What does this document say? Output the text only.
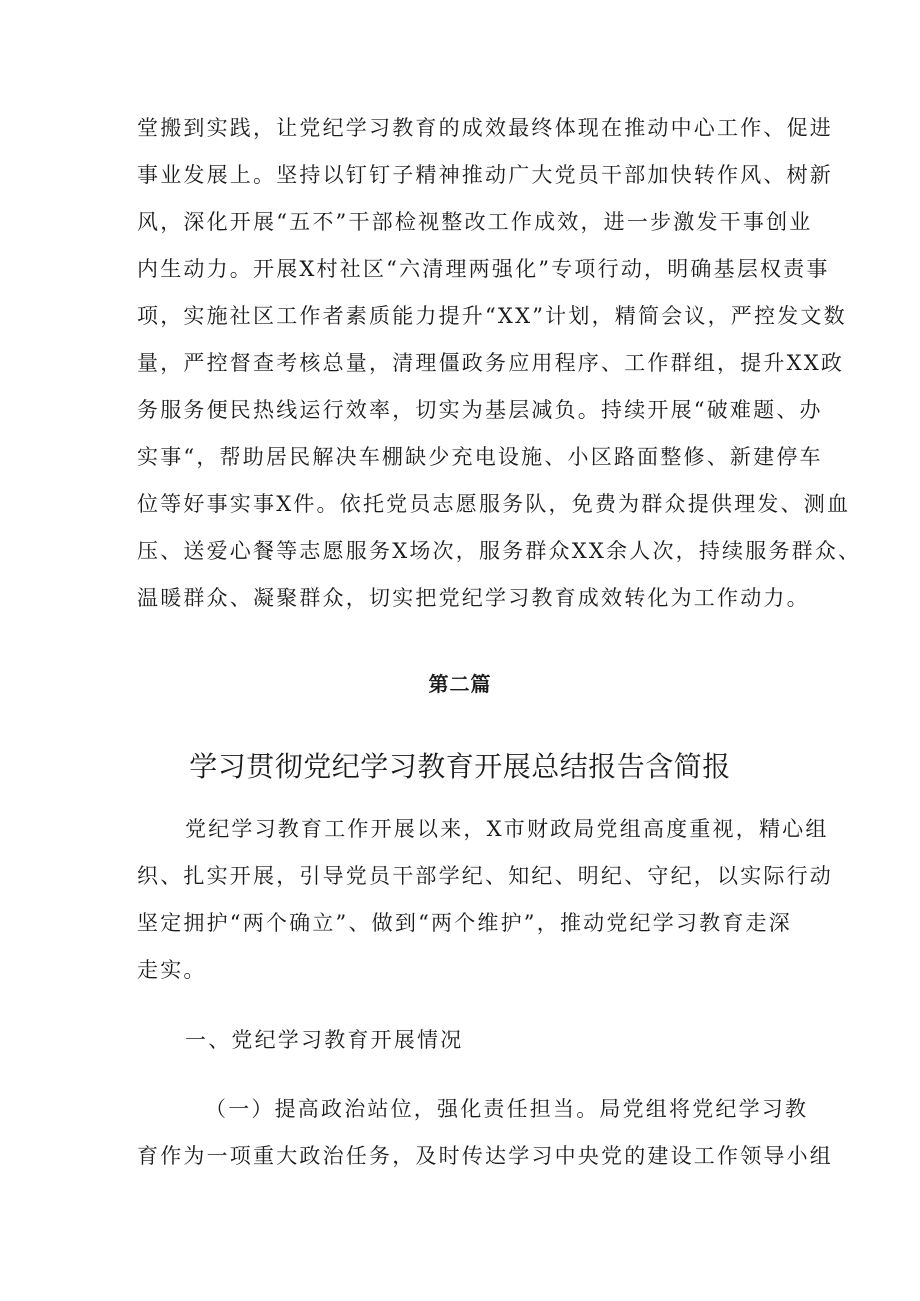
堂搬到实践，让党纪学习教育的成效最终体现在推动中心工作、促进
事业发展上。坚持以钉钉子精神推动广大党员干部加快转作风、树新
风，深化开展“五不”干部检视整改工作成效，进一步激发干事创业
内生动力。开展X村社区“六清理两强化”专项行动，明确基层权责事
项，实施社区工作者素质能力提升“XX”计划，精简会议，严控发文数
量，严控督查考核总量，清理僵政务应用程序、工作群组，提升XX政
务服务便民热线运行效率，切实为基层减负。持续开展“破难题、办
实事“，帮助居民解决车棚缺少充电设施、小区路面整修、新建停车
位等好事实事X件。依托党员志愿服务队，免费为群众提供理发、测血
压、送爱心餐等志愿服务X场次，服务群众XX余人次，持续服务群众、
温暖群众、凝聚群众，切实把党纪学习教育成效转化为工作动力。
第二篇
学习贯彻党纪学习教育开展总结报告含简报
党纪学习教育工作开展以来，X市财政局党组高度重视，精心组
织、扎实开展，引导党员干部学纪、知纪、明纪、守纪，以实际行动
坚定拥护“两个确立”、做到“两个维护”，推动党纪学习教育走深
走实。
一、党纪学习教育开展情况
（一）提高政治站位，强化责任担当。局党组将党纪学习教
育作为一项重大政治任务，及时传达学习中央党的建设工作领导小组
